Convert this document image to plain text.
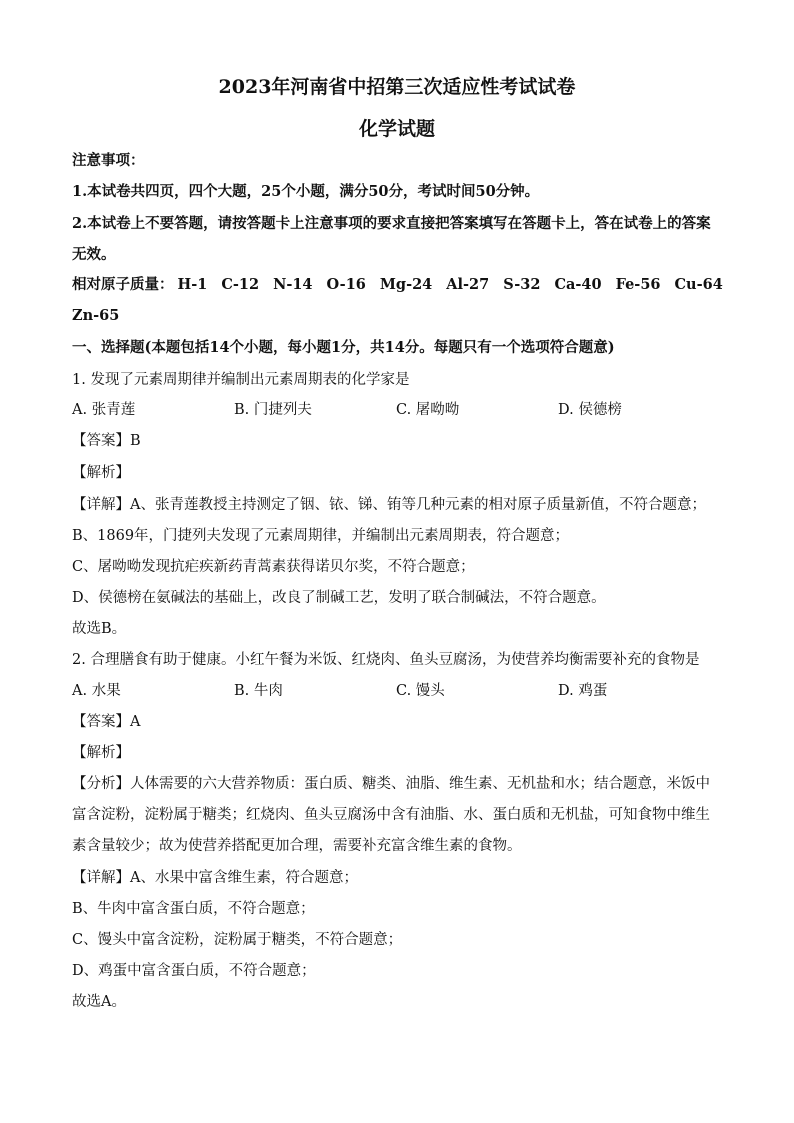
2023年河南省中招第三次适应性考试试卷
化学试题
注意事项：
1.本试卷共四页，四个大题，25个小题，满分50分，考试时间50分钟。
2.本试卷上不要答题，请按答题卡上注意事项的要求直接把答案填写在答题卡上，答在试卷上的答案无效。
相对原子质量： H-1 C-12 N-14 O-16 Mg-24 Al-27 S-32 Ca-40 Fe-56 Cu-64
Zn-65
一、选择题(本题包括14个小题，每小题1分，共14分。每题只有一个选项符合题意)
1. 发现了元素周期律并编制出元素周期表的化学家是
A. 张青莲	B. 门捷列夫	C. 屠呦呦	D. 侯德榜
【答案】B
【解析】
【详解】A、张青莲教授主持测定了铟、铱、锑、铕等几种元素的相对原子质量新值，不符合题意；
B、1869年，门捷列夫发现了元素周期律，并编制出元素周期表，符合题意；
C、屠呦呦发现抗疟疾新药青蒿素获得诺贝尔奖，不符合题意；
D、侯德榜在氨碱法的基础上，改良了制碱工艺，发明了联合制碱法，不符合题意。
故选B。
2. 合理膳食有助于健康。小红午餐为米饭、红烧肉、鱼头豆腐汤，为使营养均衡需要补充的食物是
A. 水果	B. 牛肉	C. 馒头	D. 鸡蛋
【答案】A
【解析】
【分析】人体需要的六大营养物质：蛋白质、糖类、油脂、维生素、无机盐和水；结合题意，米饭中富含淀粉，淀粉属于糖类；红烧肉、鱼头豆腐汤中含有油脂、水、蛋白质和无机盐，可知食物中维生素含量较少；故为使营养搭配更加合理，需要补充富含维生素的食物。
【详解】A、水果中富含维生素，符合题意；
B、牛肉中富含蛋白质，不符合题意；
C、馒头中富含淀粉，淀粉属于糖类，不符合题意；
D、鸡蛋中富含蛋白质，不符合题意；
故选A。
